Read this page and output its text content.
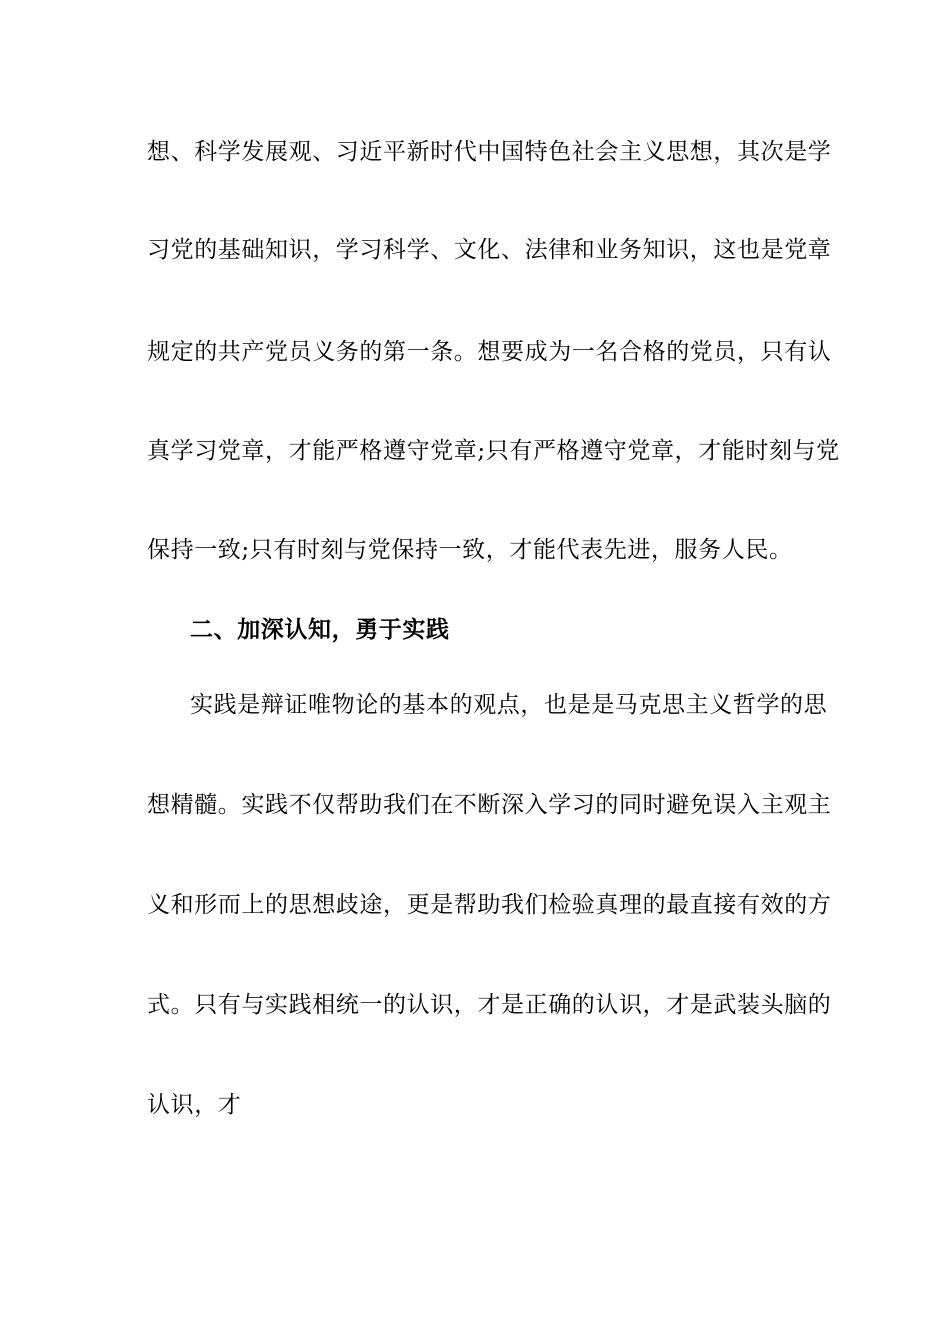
想、科学发展观、习近平新时代中国特色社会主义思想，其次是学
习党的基础知识，学习科学、文化、法律和业务知识，这也是党章
规定的共产党员义务的第一条。想要成为一名合格的党员，只有认
真学习党章，才能严格遵守党章;只有严格遵守党章，才能时刻与党
保持一致;只有时刻与党保持一致，才能代表先进，服务人民。
二、加深认知，勇于实践
实践是辩证唯物论的基本的观点，也是是马克思主义哲学的思
想精髓。实践不仅帮助我们在不断深入学习的同时避免误入主观主
义和形而上的思想歧途，更是帮助我们检验真理的最直接有效的方
式。只有与实践相统一的认识，才是正确的认识，才是武装头脑的
认识，才
